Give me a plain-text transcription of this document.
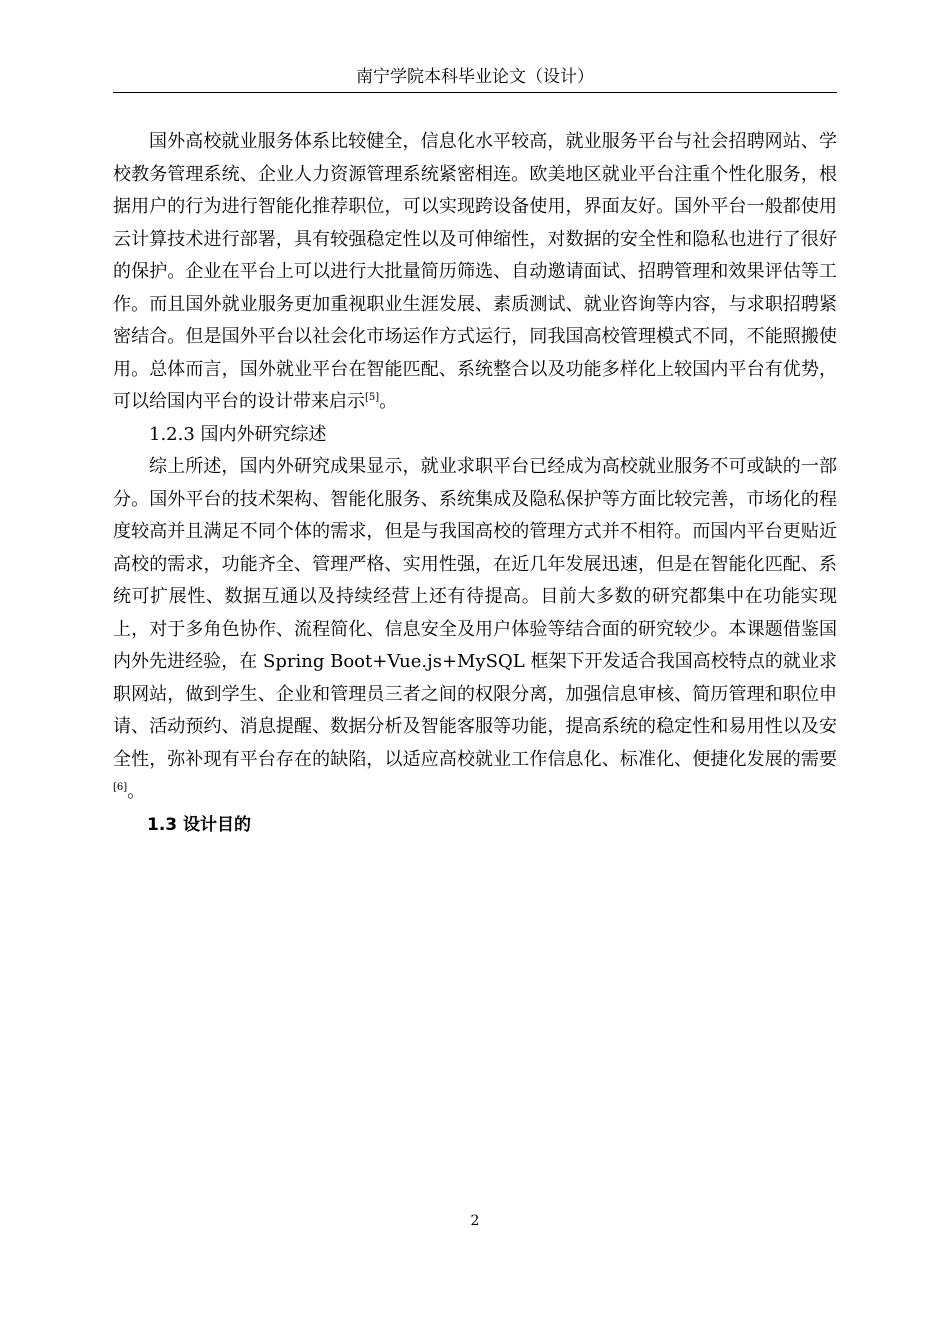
南宁学院本科毕业论文（设计）

国外高校就业服务体系比较健全，信息化水平较高，就业服务平台与社会招聘网站、学校教务管理系统、企业人力资源管理系统紧密相连。欧美地区就业平台注重个性化服务，根据用户的行为进行智能化推荐职位，可以实现跨设备使用，界面友好。国外平台一般都使用云计算技术进行部署，具有较强稳定性以及可伸缩性，对数据的安全性和隐私也进行了很好的保护。企业在平台上可以进行大批量简历筛选、自动邀请面试、招聘管理和效果评估等工作。而且国外就业服务更加重视职业生涯发展、素质测试、就业咨询等内容，与求职招聘紧密结合。但是国外平台以社会化市场运作方式运行，同我国高校管理模式不同，不能照搬使用。总体而言，国外就业平台在智能匹配、系统整合以及功能多样化上较国内平台有优势，可以给国内平台的设计带来启示[5]。

1.2.3 国内外研究综述

综上所述，国内外研究成果显示，就业求职平台已经成为高校就业服务不可或缺的一部分。国外平台的技术架构、智能化服务、系统集成及隐私保护等方面比较完善，市场化的程度较高并且满足不同个体的需求，但是与我国高校的管理方式并不相符。而国内平台更贴近高校的需求，功能齐全、管理严格、实用性强，在近几年发展迅速，但是在智能化匹配、系统可扩展性、数据互通以及持续经营上还有待提高。目前大多数的研究都集中在功能实现上，对于多角色协作、流程简化、信息安全及用户体验等结合面的研究较少。本课题借鉴国内外先进经验，在 Spring Boot+Vue.js+MySQL 框架下开发适合我国高校特点的就业求职网站，做到学生、企业和管理员三者之间的权限分离，加强信息审核、简历管理和职位申请、活动预约、消息提醒、数据分析及智能客服等功能，提高系统的稳定性和易用性以及安全性，弥补现有平台存在的缺陷，以适应高校就业工作信息化、标准化、便捷化发展的需要[6]。

1.3 设计目的

2
